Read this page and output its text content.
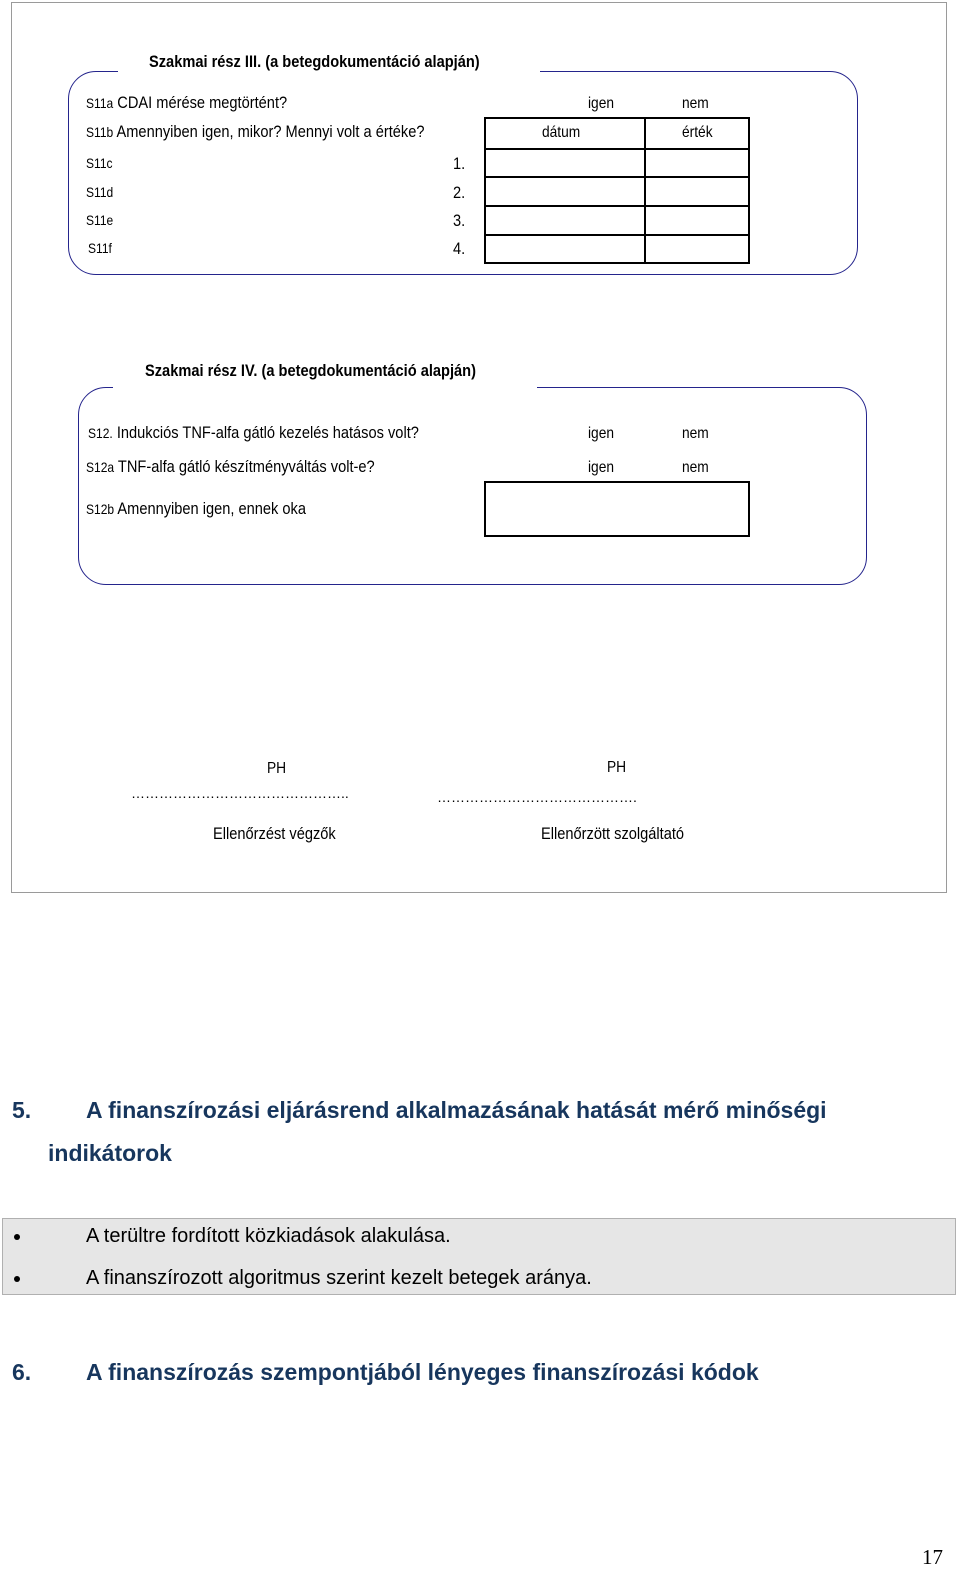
Szakmai rész III. (a betegdokumentáció alapján)
S11a CDAI mérése megtörtént?	igen	nem
S11b Amennyiben igen, mikor? Mennyi volt a értéke?	dátum	érték
S11c	1.
S11d	2.
S11e	3.
S11f	4.
Szakmai rész IV. (a betegdokumentáció alapján)
S12. Indukciós TNF-alfa gátló kezelés hatásos volt?	igen	nem
S12a TNF-alfa gátló készítményváltás volt-e?	igen	nem
S12b Amennyiben igen, ennek oka
PH
………………………………………..
Ellenőrzést végzők
PH
…………………………………….
Ellenőrzött szolgáltató
5. A finanszírozási eljárásrend alkalmazásának hatását mérő minőségi
indikátorok
A terültre fordított közkiadások alakulása.
A finanszírozott algoritmus szerint kezelt betegek aránya.
6. A finanszírozás szempontjából lényeges finanszírozási kódok
17
